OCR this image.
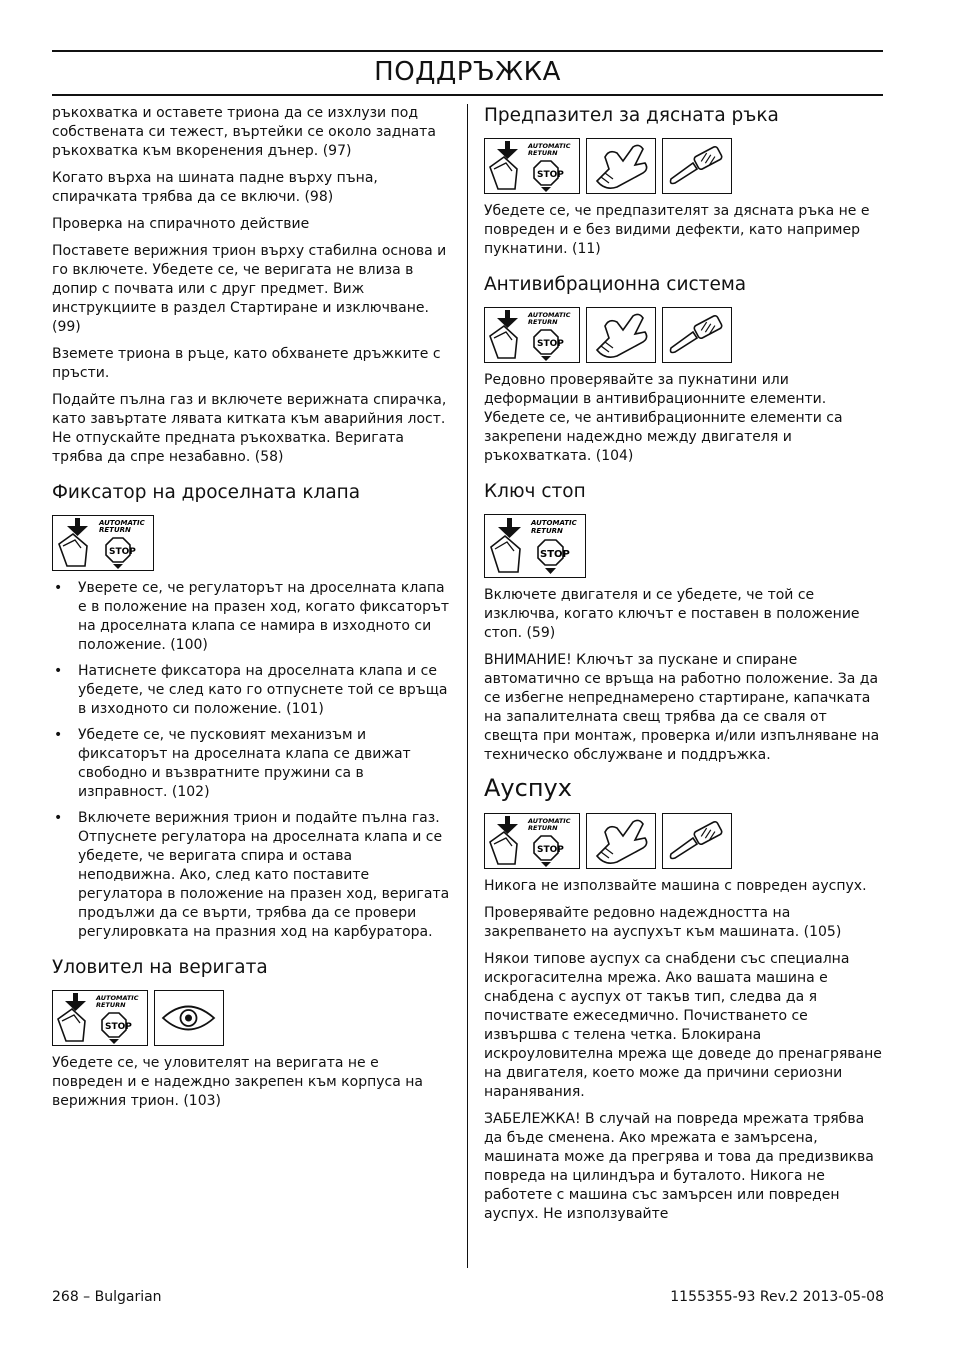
ПОДДРЪЖКА

ръкохватка и оставете триона да се изхлузи под собствената си тежест, въртейки се около задната ръкохватка към вкоренения дънер. (97)

Когато върха на шината падне върху пъна, спирачката трябва да се включи. (98)

Проверка на спирачното действие

Поставете верижния трион върху стабилна основа и го включете. Убедете се, че веригата не влиза в допир с почвата или с друг предмет. Виж инструкциите в раздел Стартиране и изключване. (99)

Вземете триона в ръце, като обхванете дръжките с пръсти.

Подайте пълна газ и включете верижната спирачка, като завъртате лявата китката към аварийния лост. Не отпускайте предната ръкохватка. Веригата трябва да спре незабавно. (58)

Фиксатор на дроселната клапа
AUTOMATIC
RETURN
STOP
• Уверете се, че регулаторът на дроселната клапа е в положение на празен ход, когато фиксаторът на дроселната клапа се намира в изходното си положение. (100)
• Натиснете фиксатора на дроселната клапа и се убедете, че след като го отпуснете той се връща в изходното си положение. (101)
• Убедете се, че пусковият механизъм и фиксаторът на дроселната клапа се движат свободно и възвратните пружини са в изправност. (102)
• Включете верижния трион и подайте пълна газ. Отпуснете регулатора на дроселната клапа и се убедете, че веригата спира и остава неподвижна. Ако, след като поставите регулатора в положение на празен ход, веригата продължи да се върти, трябва да се провери регулировката на празния ход на карбуратора.
Уловител на веригата
AUTOMATIC
RETURN
STOP

Убедете се, че уловителят на веригата не е повреден и е надеждно закрепен към корпуса на верижния трион. (103)

Предпазител за дясната ръка
AUTOMATIC
RETURN
STOP

Убедете се, че предпазителят за дясната ръка не е повреден и е без видими дефекти, като например пукнатини. (11)

Антивибрационна система
AUTOMATIC
RETURN
STOP

Редовно проверявайте за пукнатини или деформации в антивибрационните елементи. Убедете се, че антивибрационните елементи са закрепени надеждно между двигателя и ръкохватката. (104)

Ключ стоп
AUTOMATIC
RETURN
STOP

Включете двигателя и се убедете, че той се изключва, когато ключът е поставен в положение стоп. (59)

ВНИМАНИЕ! Ключът за пускане и спиране автоматично се връща на работно положение. За да се избегне непреднамерено стартиране, капачката на запалителната свещ трябва да се сваля от свещта при монтаж, проверка и/или изпълняване на техническо обслужване и поддръжка.

Ауспух
AUTOMATIC
RETURN
STOP

Никога не използвайте машина с повреден ауспух.

Проверявайте редовно надеждността на закрепването на ауспухът към машината. (105)

Някои типове ауспух са снабдени със специална искрогасителна мрежа. Ако вашата машина е снабдена с ауспух от такъв тип, следва да я почиствате ежеседмично. Почистването се извършва с телена четка. Блокирана искроуловителна мрежа ще доведе до пренагряване на двигателя, което може да причини сериозни наранявания.

ЗАБЕЛЕЖКА! В случай на повреда мрежата трябва да бъде сменена. Ако мрежата е замърсена, машината може да прегрява и това да предизвиква повреда на цилиндъра и буталото. Никога не работете с машина със замърсен или повреден ауспух. Не използувайте

268 – Bulgarian	1155355-93 Rev.2 2013-05-08
